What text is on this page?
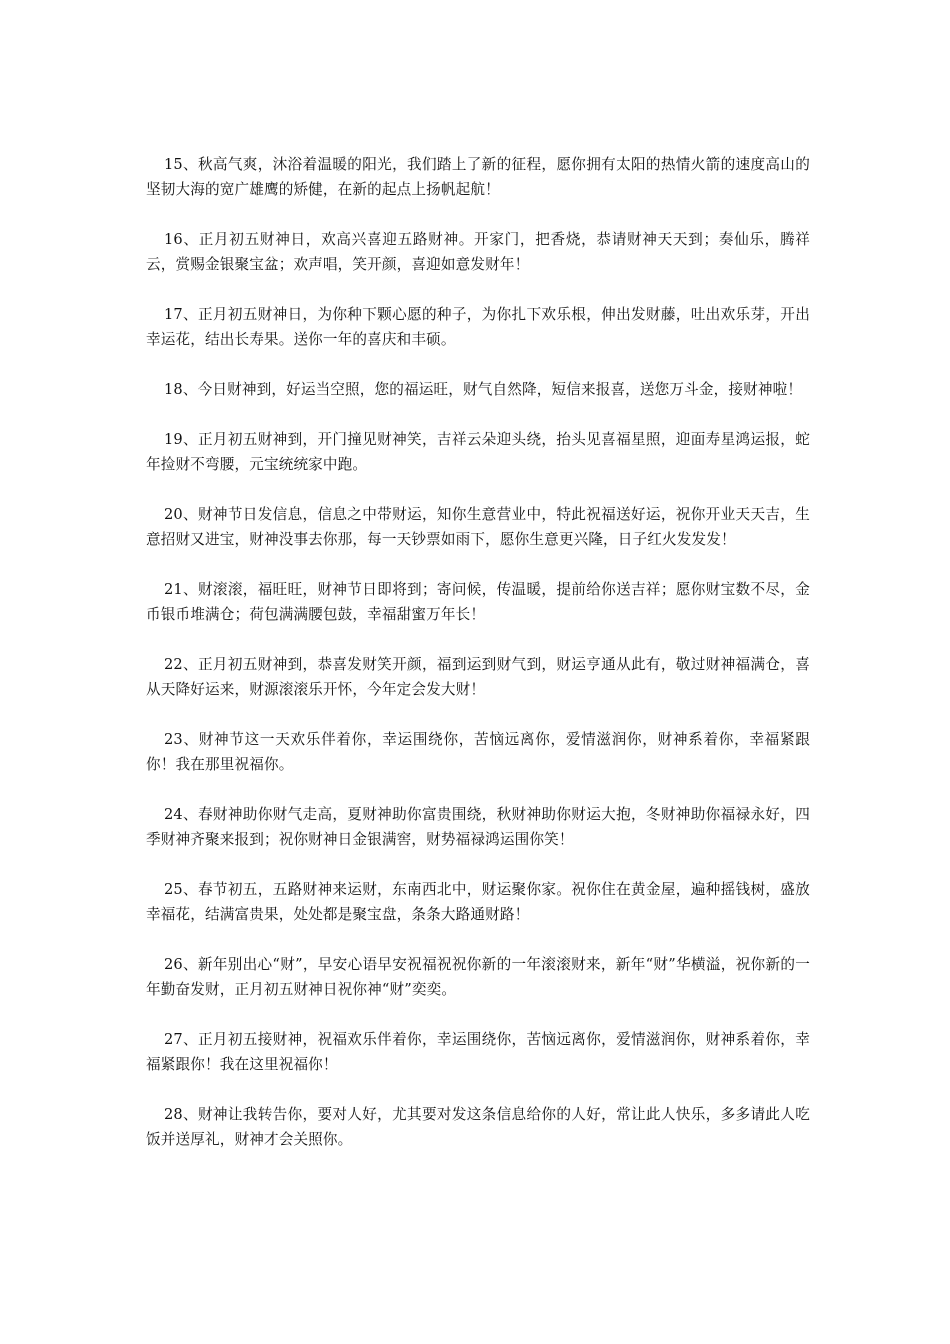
15、秋高气爽，沐浴着温暖的阳光，我们踏上了新的征程，愿你拥有太阳的热情火箭的速度高山的坚韧大海的宽广雄鹰的矫健，在新的起点上扬帆起航！

16、正月初五财神日，欢高兴喜迎五路财神。开家门，把香烧，恭请财神天天到；奏仙乐，腾祥云，赏赐金银聚宝盆；欢声唱，笑开颜，喜迎如意发财年！

17、正月初五财神日，为你种下颗心愿的种子，为你扎下欢乐根，伸出发财藤，吐出欢乐芽，开出幸运花，结出长寿果。送你一年的喜庆和丰硕。

18、今日财神到，好运当空照，您的福运旺，财气自然降，短信来报喜，送您万斗金，接财神啦！

19、正月初五财神到，开门撞见财神笑，吉祥云朵迎头绕，抬头见喜福星照，迎面寿星鸿运报，蛇年捡财不弯腰，元宝统统家中跑。

20、财神节日发信息，信息之中带财运，知你生意营业中，特此祝福送好运，祝你开业天天吉，生意招财又进宝，财神没事去你那，每一天钞票如雨下，愿你生意更兴隆，日子红火发发发！

21、财滚滚，福旺旺，财神节日即将到；寄问候，传温暖，提前给你送吉祥；愿你财宝数不尽，金币银币堆满仓；荷包满满腰包鼓，幸福甜蜜万年长！

22、正月初五财神到，恭喜发财笑开颜，福到运到财气到，财运亨通从此有，敬过财神福满仓，喜从天降好运来，财源滚滚乐开怀，今年定会发大财！

23、财神节这一天欢乐伴着你，幸运围绕你，苦恼远离你，爱情滋润你，财神系着你，幸福紧跟你！我在那里祝福你。

24、春财神助你财气走高，夏财神助你富贵围绕，秋财神助你财运大抱，冬财神助你福禄永好，四季财神齐聚来报到；祝你财神日金银满窖，财势福禄鸿运围你笑！

25、春节初五，五路财神来运财，东南西北中，财运聚你家。祝你住在黄金屋，遍种摇钱树，盛放幸福花，结满富贵果，处处都是聚宝盘，条条大路通财路！

26、新年别出心“财”，早安心语早安祝福祝祝你新的一年滚滚财来，新年“财”华横溢，祝你新的一年勤奋发财，正月初五财神日祝你神“财”奕奕。

27、正月初五接财神，祝福欢乐伴着你，幸运围绕你，苦恼远离你，爱情滋润你，财神系着你，幸福紧跟你！我在这里祝福你！

28、财神让我转告你，要对人好，尤其要对发这条信息给你的人好，常让此人快乐，多多请此人吃饭并送厚礼，财神才会关照你。
